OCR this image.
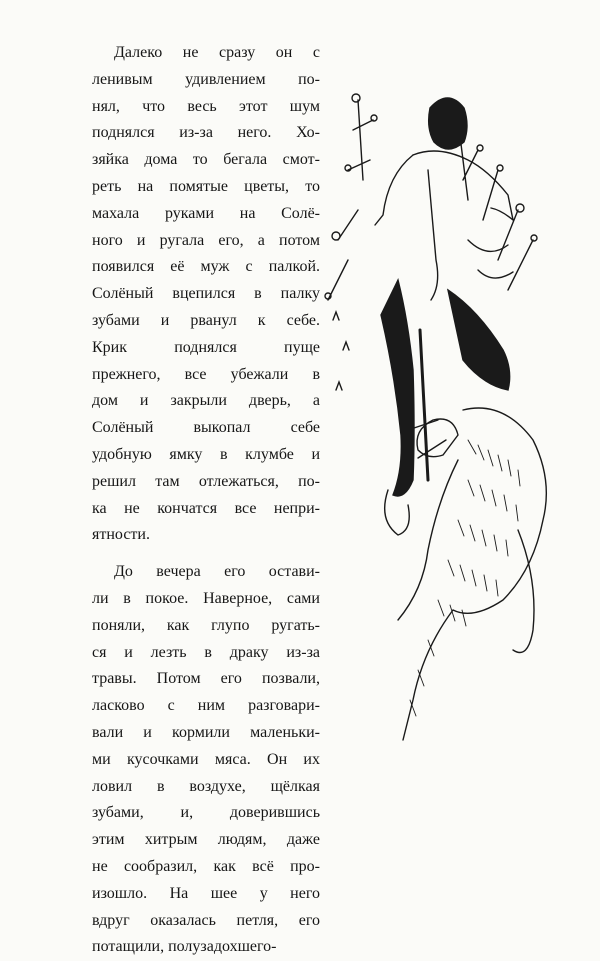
Далеко не сразу он с
ленивым удивлением по-
нял, что весь этот шум
поднялся из-за него. Хо-
зяйка дома то бегала смот-
реть на помятые цветы, то
махала руками на Солё-
ного и ругала его, а потом
появился её муж с палкой.
Солёный вцепился в палку
зубами и рванул к себе.
Крик поднялся пуще
прежнего, все убежали в
дом и закрыли дверь, а
Солёный выкопал себе
удобную ямку в клумбе и
решил там отлежаться, по-
ка не кончатся все непри-
ятности.
До вечера его остави-
ли в покое. Наверное, сами
поняли, как глупо ругать-
ся и лезть в драку из-за
травы. Потом его позвали,
ласково с ним разговари-
вали и кормили маленьки-
ми кусочками мяса. Он их
ловил в воздухе, щёлкая
зубами, и, доверившись
этим хитрым людям, даже
не сообразил, как всё про-
изошло. На шее у него
вдруг оказалась петля, его
потащили, полузадохшего-
